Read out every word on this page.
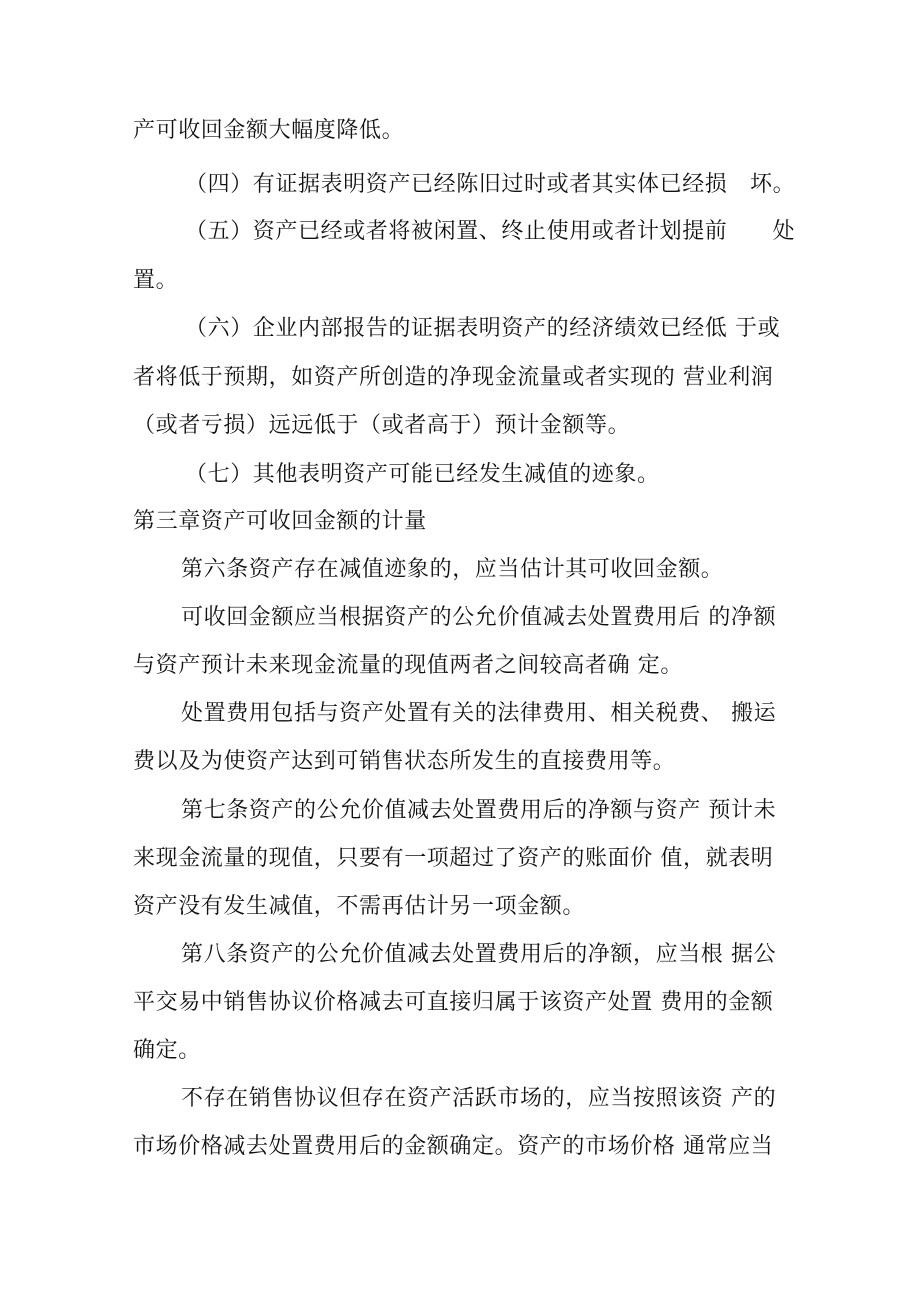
产可收回金额大幅度降低。
（四）有证据表明资产已经陈旧过时或者其实体已经损　坏。
（五）资产已经或者将被闲置、终止使用或者计划提前　　处
置。
（六）企业内部报告的证据表明资产的经济绩效已经低 于或
者将低于预期，如资产所创造的净现金流量或者实现的 营业利润
（或者亏损）远远低于（或者高于）预计金额等。
（七）其他表明资产可能已经发生减值的迹象。
第三章资产可收回金额的计量
第六条资产存在减值迹象的，应当估计其可收回金额。
可收回金额应当根据资产的公允价值减去处置费用后 的净额
与资产预计未来现金流量的现值两者之间较高者确 定。
处置费用包括与资产处置有关的法律费用、相关税费、 搬运
费以及为使资产达到可销售状态所发生的直接费用等。
第七条资产的公允价值减去处置费用后的净额与资产 预计未
来现金流量的现值，只要有一项超过了资产的账面价 值，就表明
资产没有发生减值，不需再估计另一项金额。
第八条资产的公允价值减去处置费用后的净额，应当根 据公
平交易中销售协议价格减去可直接归属于该资产处置 费用的金额
确定。
不存在销售协议但存在资产活跃市场的，应当按照该资 产的
市场价格减去处置费用后的金额确定。资产的市场价格 通常应当
